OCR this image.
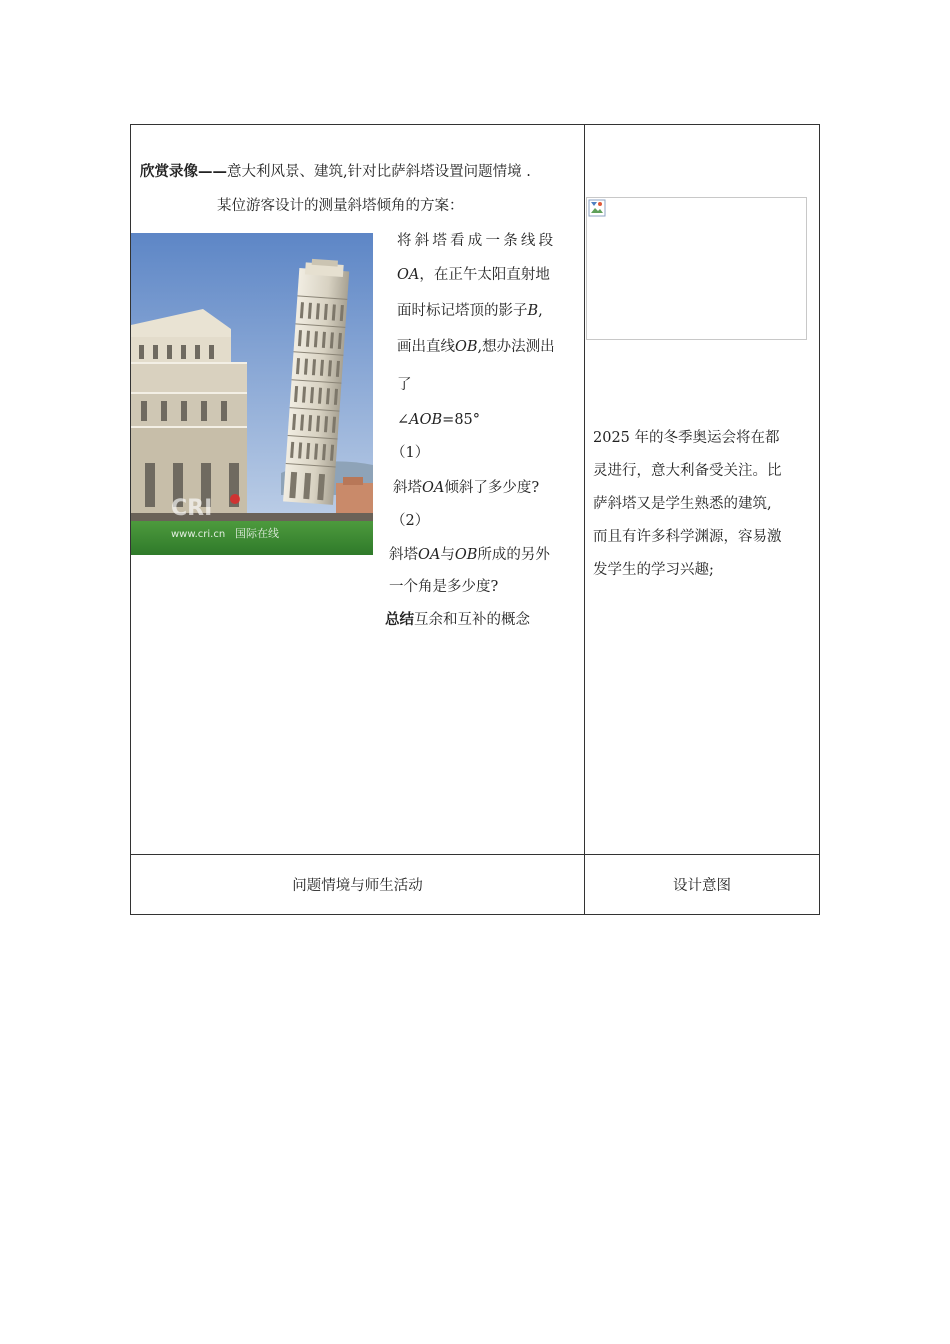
欣赏录像——意大利风景、建筑,针对比萨斜塔设置问题情境 .
某位游客设计的测量斜塔倾角的方案：
CRI
www.cri.cn 国际在线
将斜塔看成一条线段
OA，在正午太阳直射地
面时标记塔顶的影子B,
画出直线OB,想办法测出
了
∠AOB=85°
（1）
斜塔OA倾斜了多少度?
（2）
斜塔OA与OB所成的另外
一个角是多少度?
总结互余和互补的概念
2025 年的冬季奥运会将在都
灵进行，意大利备受关注。比
萨斜塔又是学生熟悉的建筑,
而且有许多科学渊源，容易激
发学生的学习兴趣;
问题情境与师生活动	设计意图
